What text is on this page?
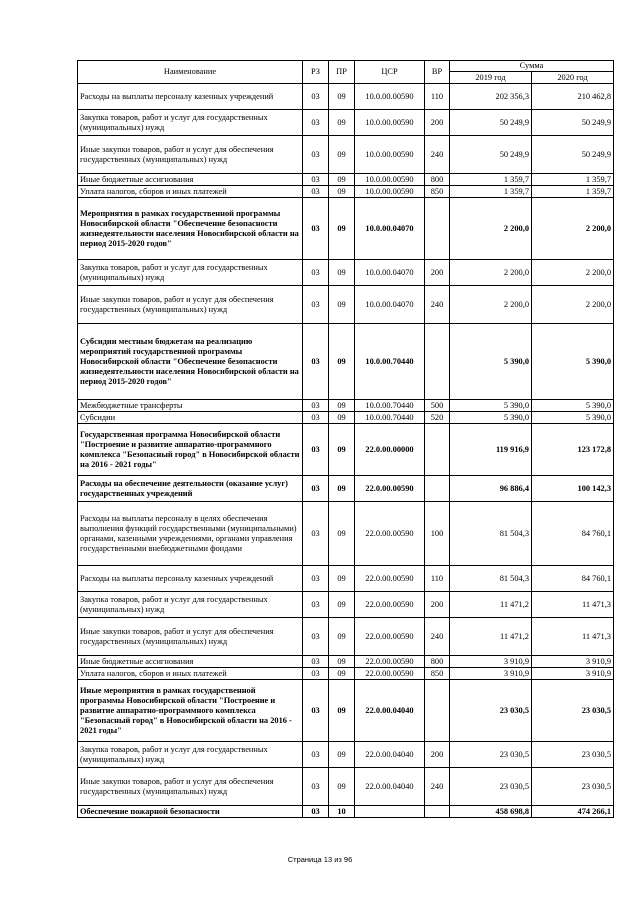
Наименование	РЗ	ПР	ЦСР	ВР	Сумма	
					2019 год	2020 год
Расходы на выплаты персоналу казенных учреждений	03	09	10.0.00.00590	110	202 356,3	210 462,8
Закупка товаров, работ и услуг для государственных (муниципальных) нужд	03	09	10.0.00.00590	200	50 249,9	50 249,9
Иные закупки товаров, работ и услуг для обеспечения государственных (муниципальных) нужд	03	09	10.0.00.00590	240	50 249,9	50 249,9
Иные бюджетные ассигнования	03	09	10.0.00.00590	800	1 359,7	1 359,7
Уплата налогов, сборов и иных платежей	03	09	10.0.00.00590	850	1 359,7	1 359,7
Мероприятия в рамках государственной программы Новосибирской области "Обеспечение безопасности жизнедеятельности населения Новосибирской области на период 2015-2020 годов"	03	09	10.0.00.04070		2 200,0	2 200,0
Закупка товаров, работ и услуг для государственных (муниципальных) нужд	03	09	10.0.00.04070	200	2 200,0	2 200,0
Иные закупки товаров, работ и услуг для обеспечения государственных (муниципальных) нужд	03	09	10.0.00.04070	240	2 200,0	2 200,0
Субсидии местным бюджетам на реализацию мероприятий государственной программы Новосибирской области "Обеспечение безопасности жизнедеятельности населения Новосибирской области на период 2015-2020 годов"	03	09	10.0.00.70440		5 390,0	5 390,0
Межбюджетные трансферты	03	09	10.0.00.70440	500	5 390,0	5 390,0
Субсидии	03	09	10.0.00.70440	520	5 390,0	5 390,0
Государственная программа Новосибирской области "Построение и развитие аппаратно-программного комплекса "Безопасный город" в Новосибирской области на 2016 - 2021 годы"	03	09	22.0.00.00000		119 916,9	123 172,8
Расходы на обеспечение деятельности (оказание услуг) государственных учреждений	03	09	22.0.00.00590		96 886,4	100 142,3
Расходы на выплаты персоналу в целях обеспечения выполнения функций государственными (муниципальными) органами, казенными учреждениями, органами управления государственными внебюджетными фондами	03	09	22.0.00.00590	100	81 504,3	84 760,1
Расходы на выплаты персоналу казенных учреждений	03	09	22.0.00.00590	110	81 504,3	84 760,1
Закупка товаров, работ и услуг для государственных (муниципальных) нужд	03	09	22.0.00.00590	200	11 471,2	11 471,3
Иные закупки товаров, работ и услуг для обеспечения государственных (муниципальных) нужд	03	09	22.0.00.00590	240	11 471,2	11 471,3
Иные бюджетные ассигнования	03	09	22.0.00.00590	800	3 910,9	3 910,9
Уплата налогов, сборов и иных платежей	03	09	22.0.00.00590	850	3 910,9	3 910,9
Иные мероприятия в рамках государственной программы Новосибирской области "Построение и развитие аппаратно-программного комплекса "Безопасный город" в Новосибирской области на 2016 - 2021 годы"	03	09	22.0.00.04040		23 030,5	23 030,5
Закупка товаров, работ и услуг для государственных (муниципальных) нужд	03	09	22.0.00.04040	200	23 030,5	23 030,5
Иные закупки товаров, работ и услуг для обеспечения государственных (муниципальных) нужд	03	09	22.0.00.04040	240	23 030,5	23 030,5
Обеспечение пожарной безопасности	03	10			458 698,8	474 266,1
Страница 13 из 96
